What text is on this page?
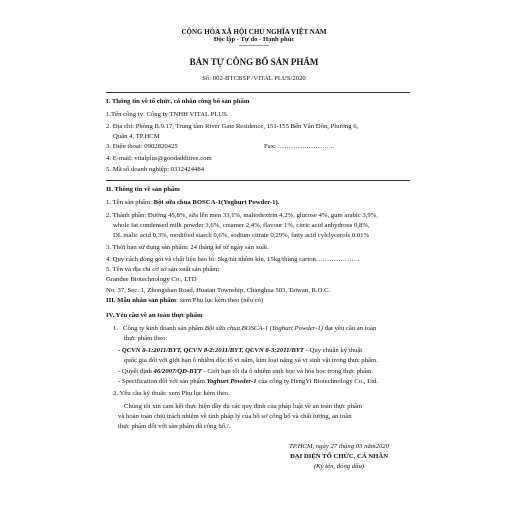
CỘNG HÒA XÃ HỘI CHỦ NGHĨA VIỆT NAM
Độc lập - Tự do - Hạnh phúc
---------------
BẢN TỰ CÔNG BỐ SẢN PHẨM
Số: 002-BTCBSP /VITAL PLUS/2020
I. Thông tin về tổ chức, cá nhân công bố sản phẩm
1.Tên công ty: Công ty TNHH VITAL PLUS.
2. Địa chỉ: Phòng B.9.17, Trung tâm River Gate Residence, 151-155 Bến Vân Đồn, Phường 6,
Quận 4, TP.HCM
3. Điện thoại: 0902820425	Fax: ……………………..
4. E-mail: vitalplus@goodadditive.com
5. Mã số doanh nghiệp: 0312424484
II. Thông tin về sản phẩm
1. Tên sản phẩm: Bột sữa chua BOSCA-1(Yoghurt Powder-1).
2. Thành phần: Đường 45,8%, sữa lên men 33,1%, maltodextrin 4,2%, glucose 4%, gum arabic 3,9%,
whole fat condensed milk powder 3,6%, creamer 2,4%, flavour 1%, citric acid anhydrous 0,8%,
DL malic acid 0,3%, modified starch 0,6%, sodium citrate 0,29%, fatty acid cylclycerols 0.01%
3. Thời hạn sử dụng sản phẩm: 24 tháng kể từ ngày sản xuất.
4. Quy cách đóng gói và chất liệu bao bì: 5kg/túi nhôm kín, 15kg/thùng carton………………..
5. Tên và địa chỉ cơ sở sản xuất sản phẩm:
Grandee Biotechnology Co., LTD
No. 37, Sec. 1, Zhongshan Road, Huatan Township, Changhua 503, Taiwan, R.O.C.
III. Mẫu nhãn sản phẩm: xem Phụ lục kèm theo (nếu có)
IV. Yêu cầu về an toàn thực phẩm
1.   Công ty kinh doanh sản phẩm Bột sữa chua BOSCA-1 (Yoghurt Powder-1) đạt yêu cầu an toàn
thực phẩm theo:
- QCVN 8-1:2011/BYT, QCVN 8-2:2011/BYT, QCVN 8-3:2011/BYT - Quy chuẩn kỹ thuật
quốc gia đối với giới hạn ô nhiễm độc tố vi nấm, kim loại nặng và vi sinh vật trong thực phẩm.
- Quyết định 46/2007/QĐ-BYT - Giới hạn tối đa ô nhiễm sinh học và hóa học trong thực phẩm.
- Specification đối với sản phẩm Yoghurt Powder-1 của công ty HengYi Biotechnology Co., Ltd.
2. Yêu cầu kỹ thuật: xem Phụ lục kèm theo.
Chúng tôi xin cam kết thực hiện đầy đủ các quy định của pháp luật về an toàn thực phẩm
và hoàn toàn chịu trách nhiệm về tính pháp lý của hồ sơ công bố và chất lượng, an toàn
thực phẩm đối với sản phẩm đã công bố./.
TP.HCM, ngày 27 tháng 03 năm2020
ĐẠI DIỆN TỔ CHỨC, CÁ NHÂN
(Ký tên, đóng dấu)
